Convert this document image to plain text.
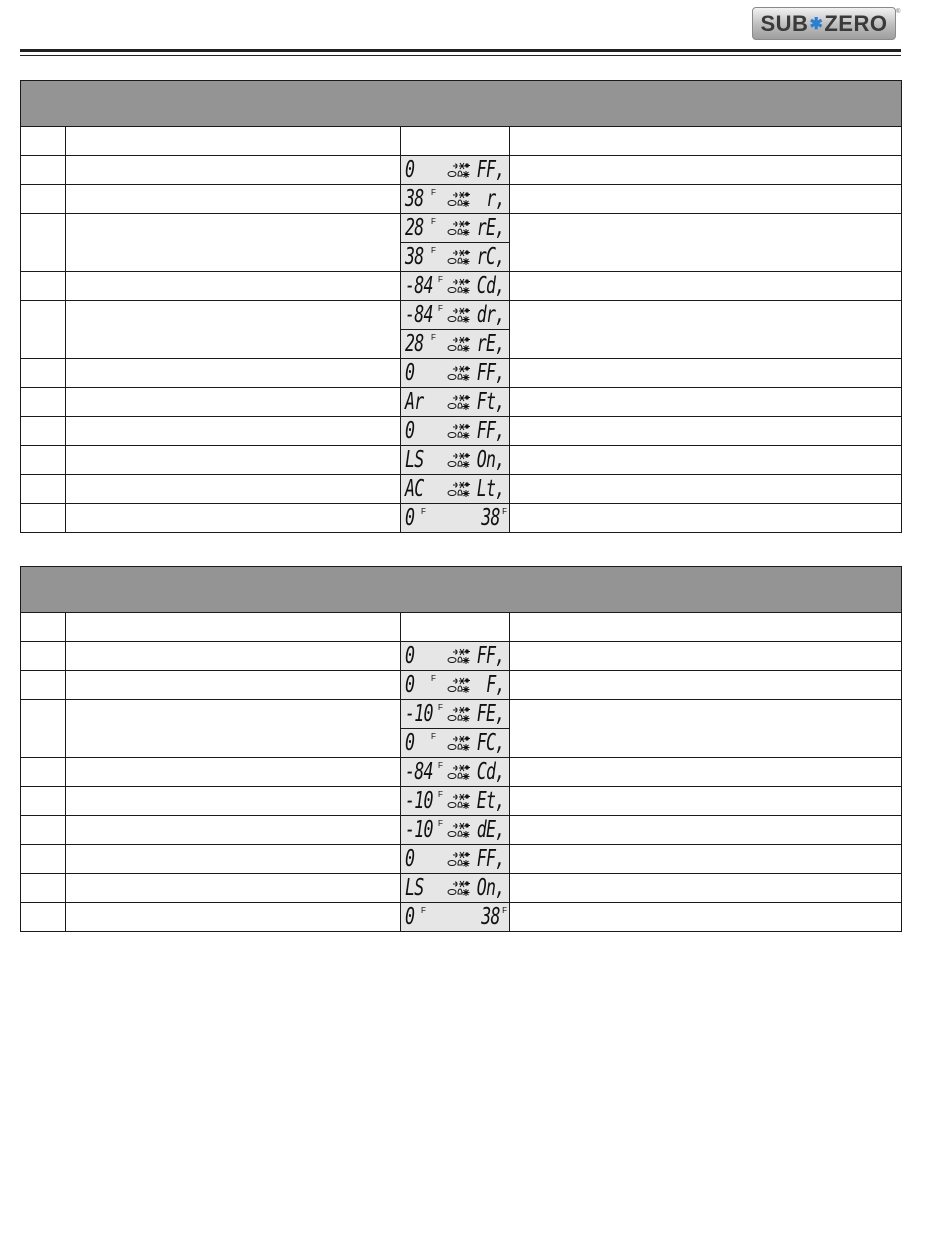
SUB ✱ ZERO ®

		0 FF,	

		38 F r,	

		28 F rE,	

		38 F rC,	

		-84 F Cd,	

		-84 F dr,	

		28 F rE,	

		0 FF,	

		Ar Ft,	

		0 FF,	

		LS On,	

		AC Lt,	

		0 F 38 F	

		0 FF,	

		0 F F,	

		-10 F FE,	

		0 F FC,	

		-84 F Cd,	

		-10 F Et,	

		-10 F dE,	

		0 FF,	

		LS On,	

		0 F 38 F	
